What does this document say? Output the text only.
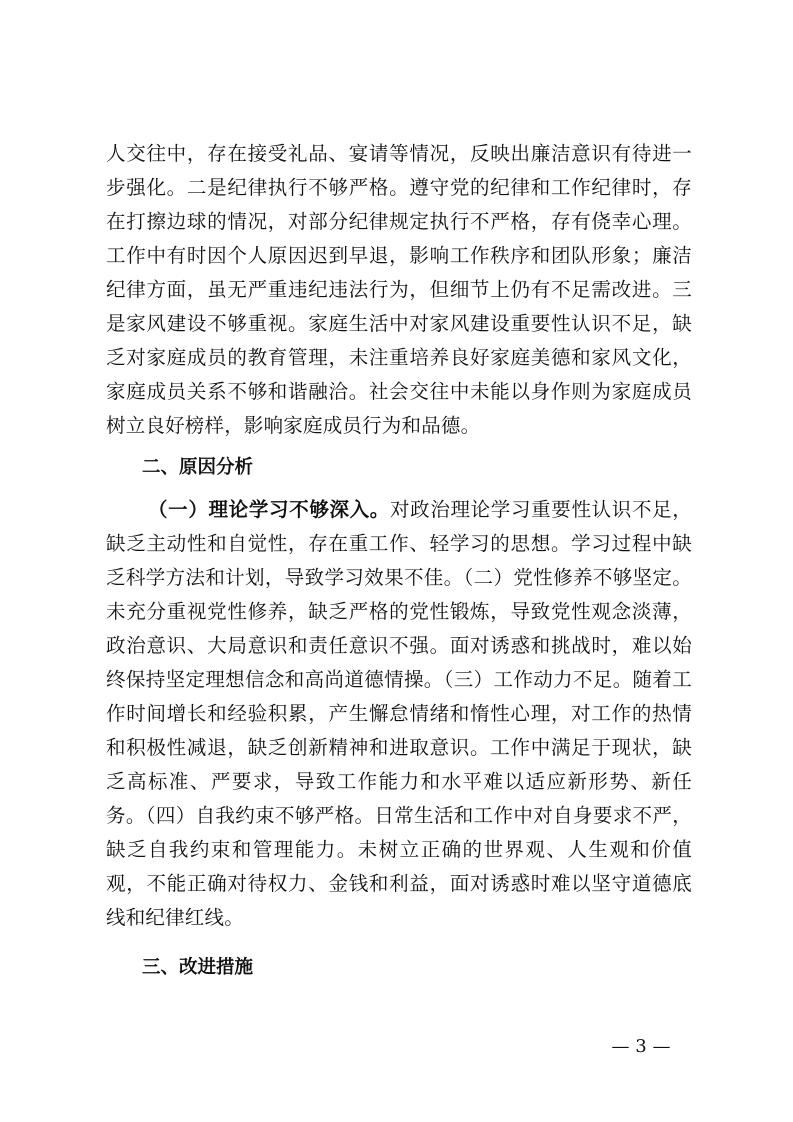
人交往中，存在接受礼品、宴请等情况，反映出廉洁意识有待进一步强化。二是纪律执行不够严格。遵守党的纪律和工作纪律时，存在打擦边球的情况，对部分纪律规定执行不严格，存有侥幸心理。工作中有时因个人原因迟到早退，影响工作秩序和团队形象；廉洁纪律方面，虽无严重违纪违法行为，但细节上仍有不足需改进。三是家风建设不够重视。家庭生活中对家风建设重要性认识不足，缺乏对家庭成员的教育管理，未注重培养良好家庭美德和家风文化，家庭成员关系不够和谐融洽。社会交往中未能以身作则为家庭成员树立良好榜样，影响家庭成员行为和品德。

二、原因分析

（一）理论学习不够深入。对政治理论学习重要性认识不足，缺乏主动性和自觉性，存在重工作、轻学习的思想。学习过程中缺乏科学方法和计划，导致学习效果不佳。（二）党性修养不够坚定。未充分重视党性修养，缺乏严格的党性锻炼，导致党性观念淡薄，政治意识、大局意识和责任意识不强。面对诱惑和挑战时，难以始终保持坚定理想信念和高尚道德情操。（三）工作动力不足。随着工作时间增长和经验积累，产生懈怠情绪和惰性心理，对工作的热情和积极性减退，缺乏创新精神和进取意识。工作中满足于现状，缺乏高标准、严要求，导致工作能力和水平难以适应新形势、新任务。（四）自我约束不够严格。日常生活和工作中对自身要求不严，缺乏自我约束和管理能力。未树立正确的世界观、人生观和价值观，不能正确对待权力、金钱和利益，面对诱惑时难以坚守道德底线和纪律红线。

三、改进措施
— 3 —
